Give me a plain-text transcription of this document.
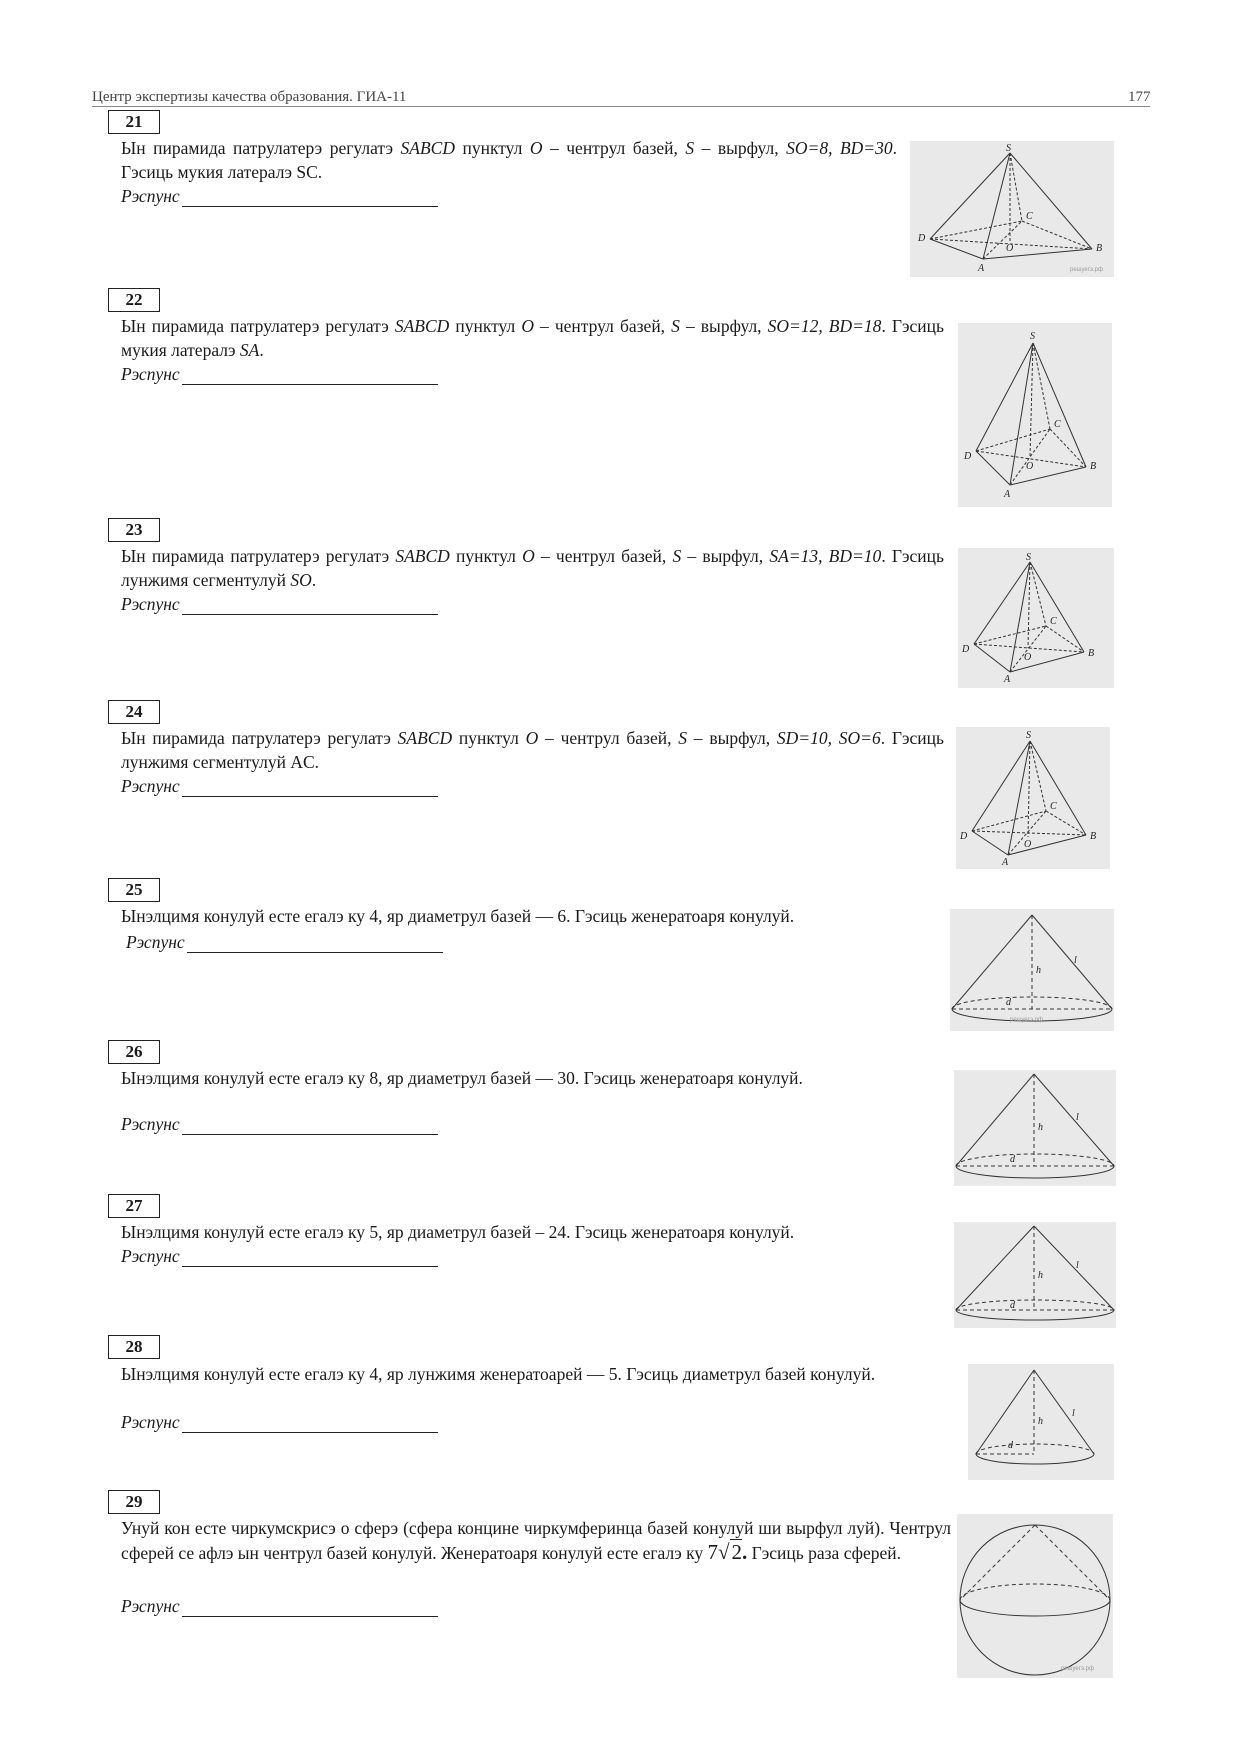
Центр экспертизы качества образования. ГИА-11	177
21
Ын пирамида патрулатерэ регулатэ SABCD пунктул O – чентрул базей, S – вырфул, SO=8, BD=30. Гэсиць мукия латералэ SC.
Рэспунс
S
D
A
B
C
O
решуегэ.рф
22
Ын пирамида патрулатерэ регулатэ SABCD пунктул O – чентрул базей, S – вырфул, SO=12, BD=18. Гэсиць мукия латералэ SA.
Рэспунс
S
D
A
B
C
O
23
Ын пирамида патрулатерэ регулатэ SABCD пунктул O – чентрул базей, S – вырфул, SA=13, BD=10. Гэсиць лунжимя сегментулуй SO.
Рэспунс
S
D
A
B
C
O
24
Ын пирамида патрулатерэ регулатэ SABCD пунктул O – чентрул базей, S – вырфул, SD=10, SO=6. Гэсиць лунжимя сегментулуй AC.
Рэспунс
S
D
A
B
C
O
25
Ынэлцимя конулуй есте егалэ ку 4, яр диаметрул базей — 6. Гэсиць женератоаря конулуй.
Рэспунс
h
l
d
решуегэ.рф
26
Ынэлцимя конулуй есте егалэ ку 8, яр диаметрул базей — 30. Гэсиць женератоаря конулуй.
Рэспунс	h
l
d
27
Ынэлцимя конулуй есте егалэ ку 5, яр диаметрул базей – 24. Гэсиць женератоаря конулуй.
Рэспунс
h
l
d
28
Ынэлцимя конулуй есте егалэ ку 4, яр лунжимя женератоарей — 5. Гэсиць диаметрул базей конулуй.
Рэспунс	h
l
d
29
Унуй кон есте чиркумскрисэ о сферэ (сфера концине чиркумферинца базей конулуй ши вырфул луй). Чентрул сферей се афлэ ын чентрул базей конулуй. Женератоаря конулуй есте егалэ ку 7√2. Гэсиць раза сферей.
Рэспунс
решуегэ.рф
